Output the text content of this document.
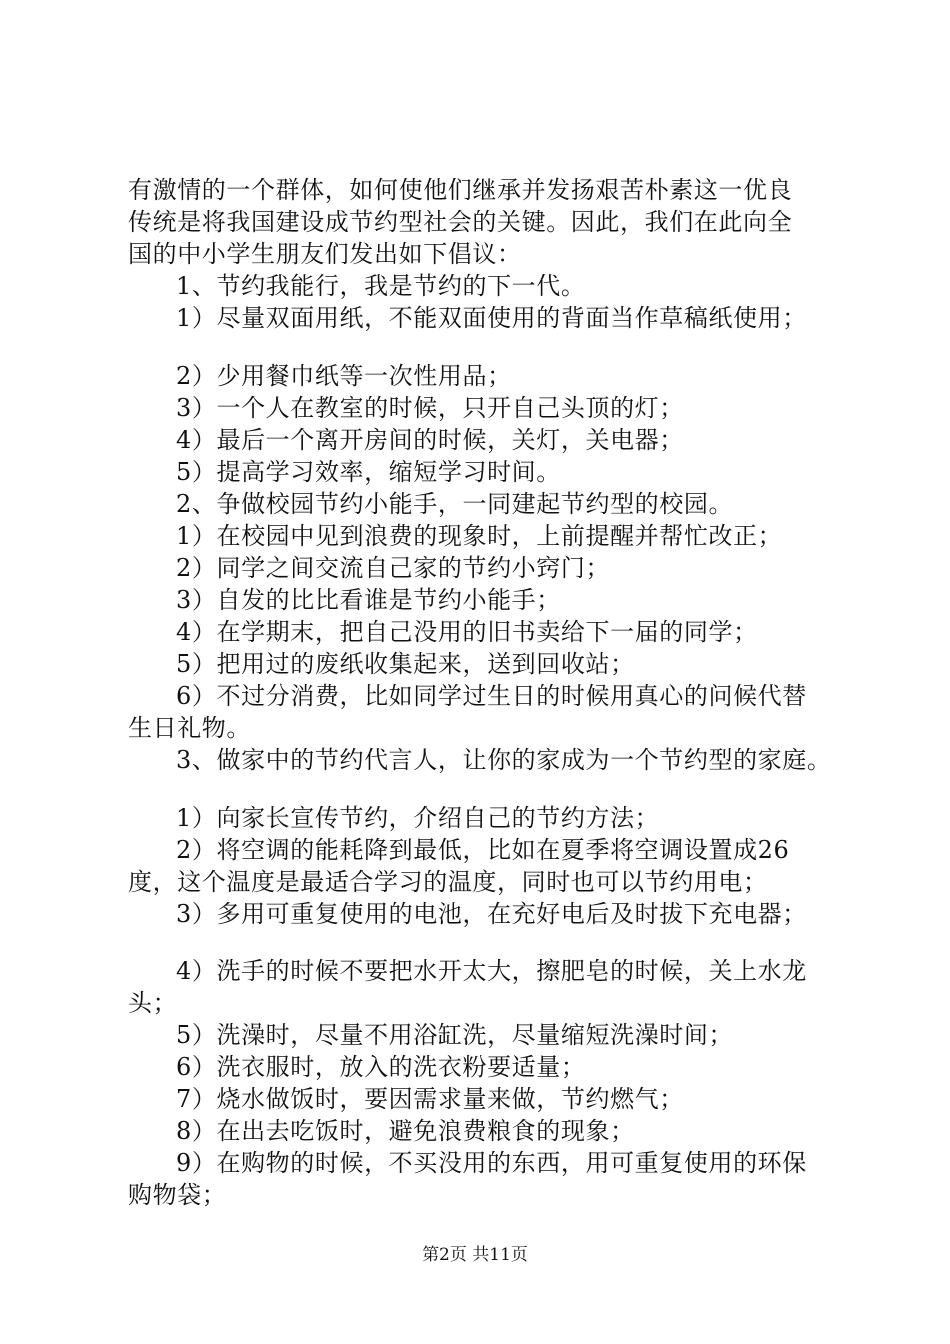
有激情的一个群体，如何使他们继承并发扬艰苦朴素这一优良
传统是将我国建设成节约型社会的关键。因此，我们在此向全
国的中小学生朋友们发出如下倡议：
1、节约我能行，我是节约的下一代。
1）尽量双面用纸，不能双面使用的背面当作草稿纸使用；
2）少用餐巾纸等一次性用品；
3）一个人在教室的时候，只开自己头顶的灯；
4）最后一个离开房间的时候，关灯，关电器；
5）提高学习效率，缩短学习时间。
2、争做校园节约小能手，一同建起节约型的校园。
1）在校园中见到浪费的现象时，上前提醒并帮忙改正；
2）同学之间交流自己家的节约小窍门；
3）自发的比比看谁是节约小能手；
4）在学期末，把自己没用的旧书卖给下一届的同学；
5）把用过的废纸收集起来，送到回收站；
6）不过分消费，比如同学过生日的时候用真心的问候代替
生日礼物。
3、做家中的节约代言人，让你的家成为一个节约型的家庭。
1）向家长宣传节约，介绍自己的节约方法；
2）将空调的能耗降到最低，比如在夏季将空调设置成26
度，这个温度是最适合学习的温度，同时也可以节约用电；
3）多用可重复使用的电池，在充好电后及时拔下充电器；
4）洗手的时候不要把水开太大，擦肥皂的时候，关上水龙
头；
5）洗澡时，尽量不用浴缸洗，尽量缩短洗澡时间；
6）洗衣服时，放入的洗衣粉要适量；
7）烧水做饭时，要因需求量来做，节约燃气；
8）在出去吃饭时，避免浪费粮食的现象；
9）在购物的时候，不买没用的东西，用可重复使用的环保
购物袋；
第2页 共11页
